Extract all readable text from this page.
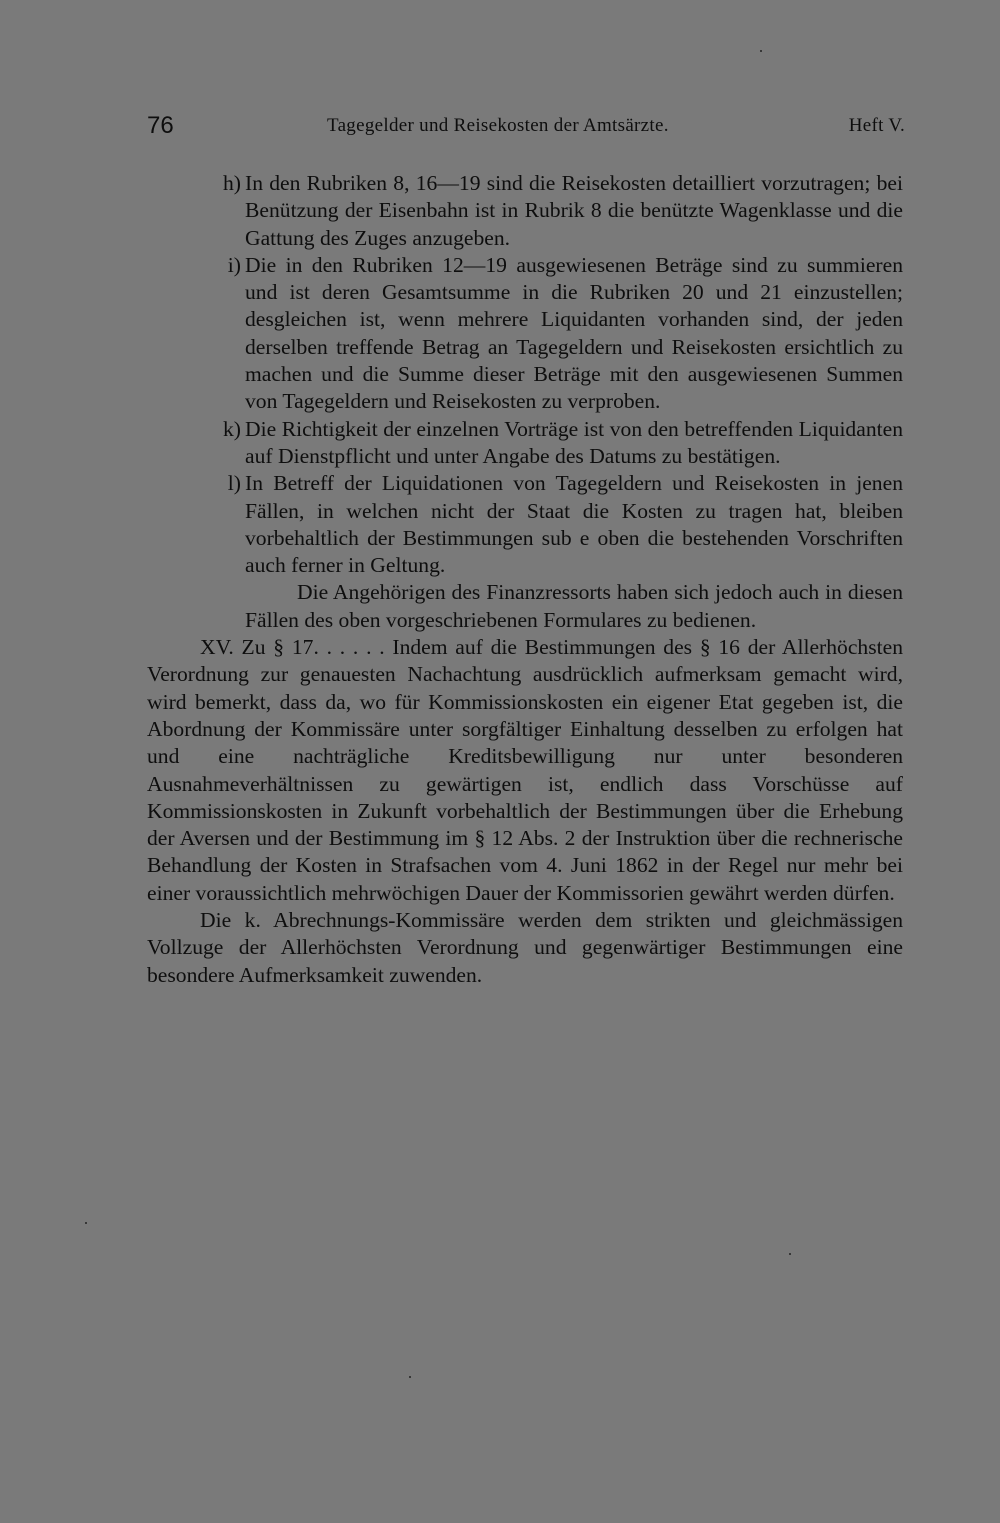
76	Tagegelder und Reisekosten der Amtsärzte.	Heft V.

h) In den Rubriken 8, 16—19 sind die Reisekosten detailliert vorzutragen; bei Benützung der Eisenbahn ist in Rubrik 8 die benützte Wagenklasse und die Gattung des Zuges anzugeben.

i) Die in den Rubriken 12—19 ausgewiesenen Beträge sind zu summieren und ist deren Gesamtsumme in die Rubriken 20 und 21 einzustellen; desgleichen ist, wenn mehrere Liquidanten vorhanden sind, der jeden derselben treffende Betrag an Tagegeldern und Reisekosten ersichtlich zu machen und die Summe dieser Beträge mit den ausgewiesenen Summen von Tagegeldern und Reisekosten zu verproben.

k) Die Richtigkeit der einzelnen Vorträge ist von den betreffenden Liquidanten auf Dienstpflicht und unter Angabe des Datums zu bestätigen.

l) In Betreff der Liquidationen von Tagegeldern und Reisekosten in jenen Fällen, in welchen nicht der Staat die Kosten zu tragen hat, bleiben vorbehaltlich der Bestimmungen sub e oben die bestehenden Vorschriften auch ferner in Geltung.

Die Angehörigen des Finanzressorts haben sich jedoch auch in diesen Fällen des oben vorgeschriebenen Formulares zu bedienen.

XV. Zu § 17. . . . . . Indem auf die Bestimmungen des § 16 der Allerhöchsten Verordnung zur genauesten Nachachtung ausdrücklich aufmerksam gemacht wird, wird bemerkt, dass da, wo für Kommissionskosten ein eigener Etat gegeben ist, die Abordnung der Kommissäre unter sorgfältiger Einhaltung desselben zu erfolgen hat und eine nachträgliche Kreditsbewilligung nur unter besonderen Ausnahmeverhältnissen zu gewärtigen ist, endlich dass Vorschüsse auf Kommissionskosten in Zukunft vorbehaltlich der Bestimmungen über die Erhebung der Aversen und der Bestimmung im § 12 Abs. 2 der Instruktion über die rechnerische Behandlung der Kosten in Strafsachen vom 4. Juni 1862 in der Regel nur mehr bei einer voraussichtlich mehrwöchigen Dauer der Kommissorien gewährt werden dürfen.

Die k. Abrechnungs-Kommissäre werden dem strikten und gleichmässigen Vollzuge der Allerhöchsten Verordnung und gegenwärtiger Bestimmungen eine besondere Aufmerksamkeit zuwenden.
